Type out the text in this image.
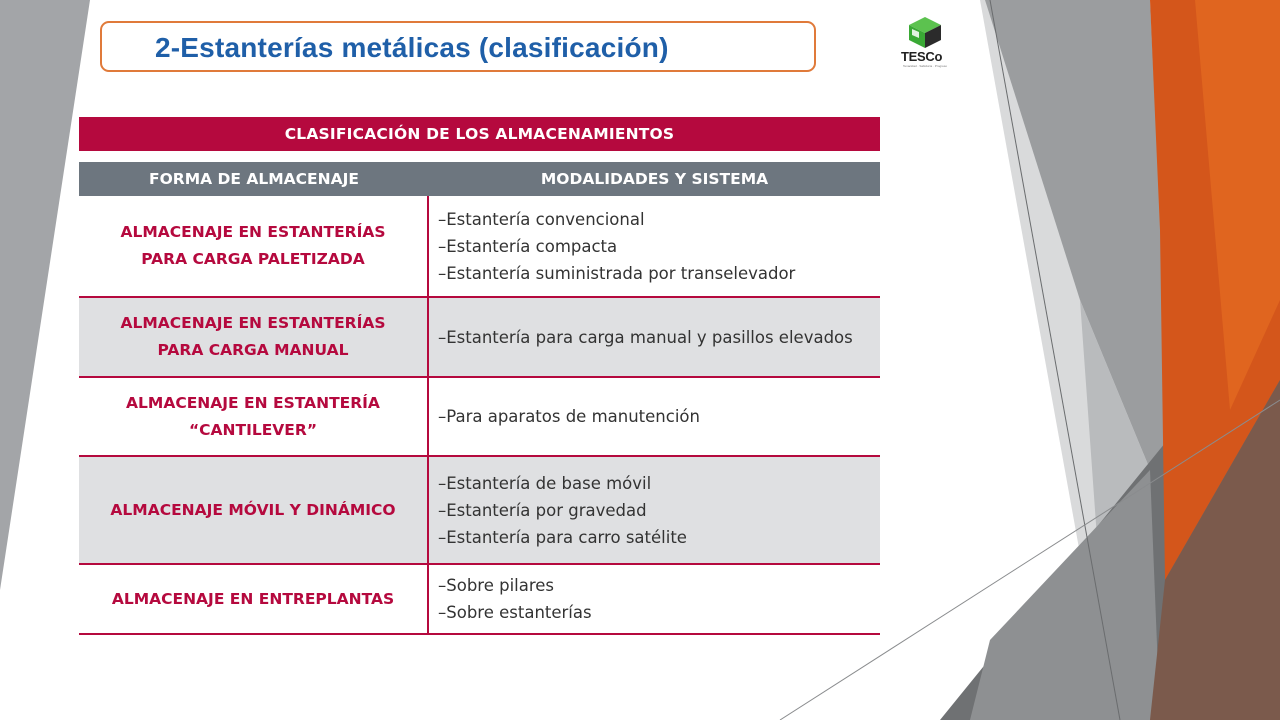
2-Estanterías metálicas (clasificación)	TESCo
Tenacidad · Sabiduría · Progreso
CLASIFICACIÓN DE LOS ALMACENAMIENTOS
FORMA DE ALMACENAJE	MODALIDADES Y SISTEMA
ALMACENAJE EN ESTANTERÍAS
PARA CARGA PALETIZADA
–Estantería convencional
–Estantería compacta
–Estantería suministrada por transelevador
ALMACENAJE EN ESTANTERÍAS
PARA CARGA MANUAL
–Estantería para carga manual y pasillos elevados
ALMACENAJE EN ESTANTERÍA
“CANTILEVER”
–Para aparatos de manutención
ALMACENAJE MÓVIL Y DINÁMICO
–Estantería de base móvil
–Estantería por gravedad
–Estantería para carro satélite
ALMACENAJE EN ENTREPLANTAS
–Sobre pilares
–Sobre estanterías
